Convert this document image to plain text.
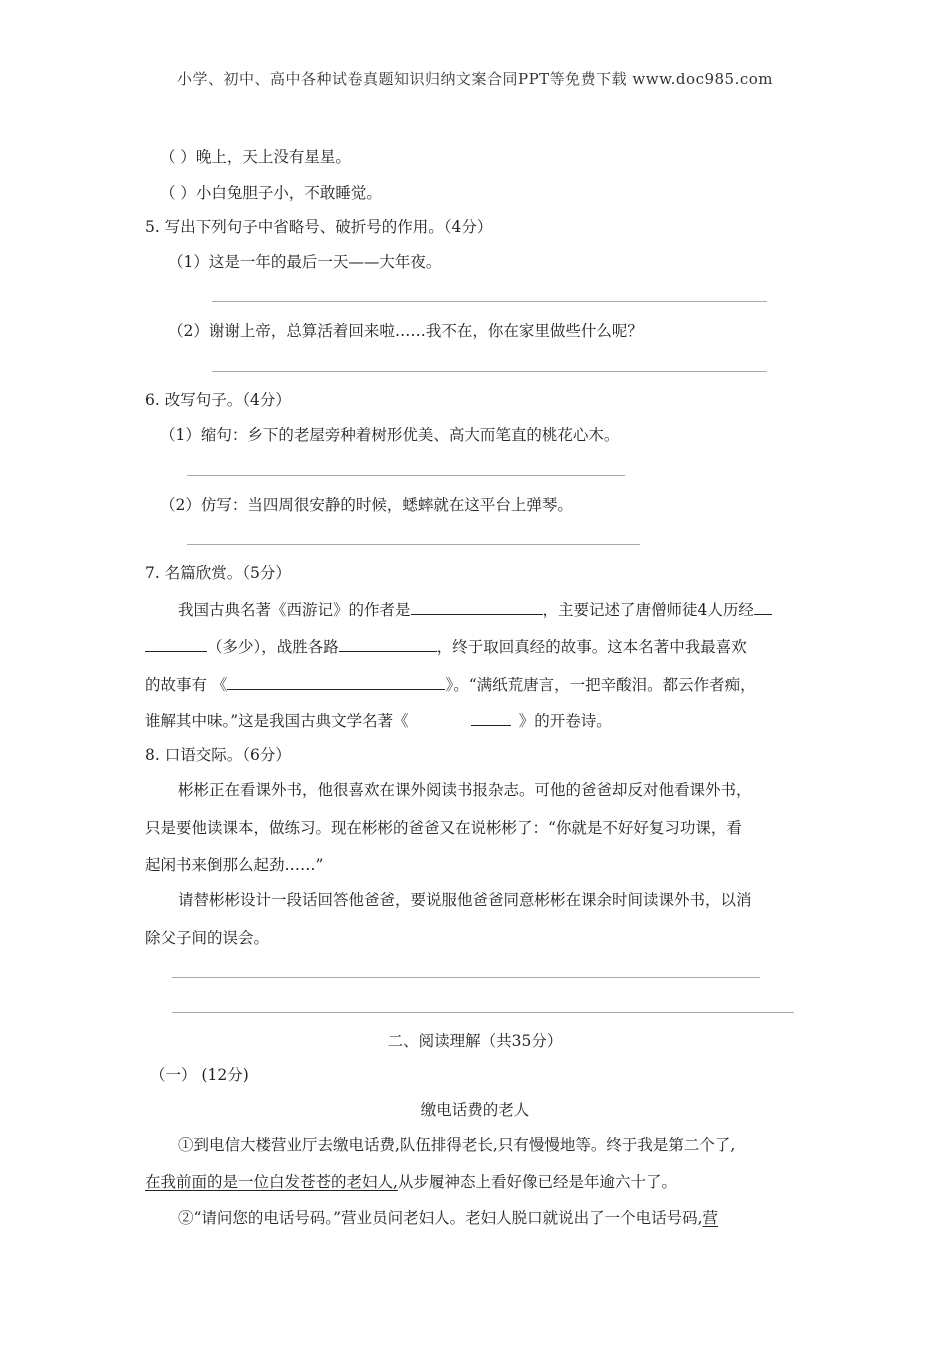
小学、初中、高中各种试卷真题知识归纳文案合同PPT等免费下载 www.doc985.com
（ ）晚上，天上没有星星。
（ ）小白兔胆子小，不敢睡觉。
5. 写出下列句子中省略号、破折号的作用。（4分）
（1）这是一年的最后一天——大年夜。
（2）谢谢上帝，总算活着回来啦……我不在，你在家里做些什么呢？
6. 改写句子。（4分）
（1）缩句：乡下的老屋旁种着树形优美、高大而笔直的桃花心木。
（2）仿写：当四周很安静的时候，蟋蟀就在这平台上弹琴。
7. 名篇欣赏。（5分）
我国古典名著《西游记》的作者是	，主要记述了唐僧师徒4人历经
（多少），战胜各路	，终于取回真经的故事。这本名著中我最喜欢
的故事有 《	》。“满纸荒唐言，一把辛酸泪。都云作者痴，
谁解其中味。”这是我国古典文学名著《	》的开卷诗。
8. 口语交际。（6分）
彬彬正在看课外书，他很喜欢在课外阅读书报杂志。可他的爸爸却反对他看课外书，
只是要他读课本，做练习。现在彬彬的爸爸又在说彬彬了：“你就是不好好复习功课，看
起闲书来倒那么起劲……”
请替彬彬设计一段话回答他爸爸，要说服他爸爸同意彬彬在课余时间读课外书，以消
除父子间的误会。
二、阅读理解（共35分）
（一） (12分)
缴电话费的老人
①到电信大楼营业厅去缴电话费,队伍排得老长,只有慢慢地等。终于我是第二个了,
在我前面的是一位白发苍苍的老妇人,从步履神态上看好像已经是年逾六十了。
②“请问您的电话号码。”营业员问老妇人。老妇人脱口就说出了一个电话号码,营
